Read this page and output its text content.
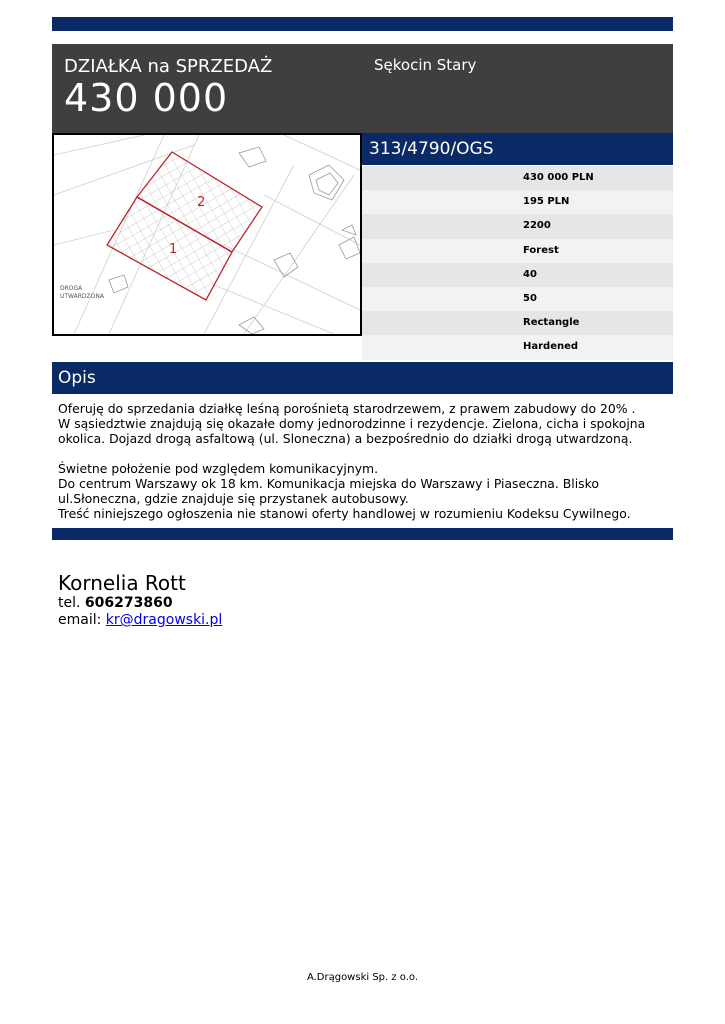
DZIAŁKA na SPRZEDAŻ
430 000
Sękocin Stary
2
1
DROGA
UTWARDZONA
313/4790/OGS
430 000 PLN
195 PLN
2200
Forest
40
50
Rectangle
Hardened
Opis

Oferuję do sprzedania działkę leśną porośnietą starodrzewem, z prawem zabudowy do 20% .

W sąsiedztwie znajdują się okazałe domy jednorodzinne i rezydencje. Zielona, cicha i spokojna

okolica. Dojazd drogą asfaltową (ul. Sloneczna) a bezpośrednio do działki drogą utwardzoną.

Świetne położenie pod względem komunikacyjnym.

Do centrum Warszawy ok 18 km. Komunikacja miejska do Warszawy i Piaseczna. Blisko

ul.Słoneczna, gdzie znajduje się przystanek autobusowy.

Treść niniejszego ogłoszenia nie stanowi oferty handlowej w rozumieniu Kodeksu Cywilnego.

Kornelia Rott
tel. 606273860
email: kr@dragowski.pl
A.Drągowski Sp. z o.o.
